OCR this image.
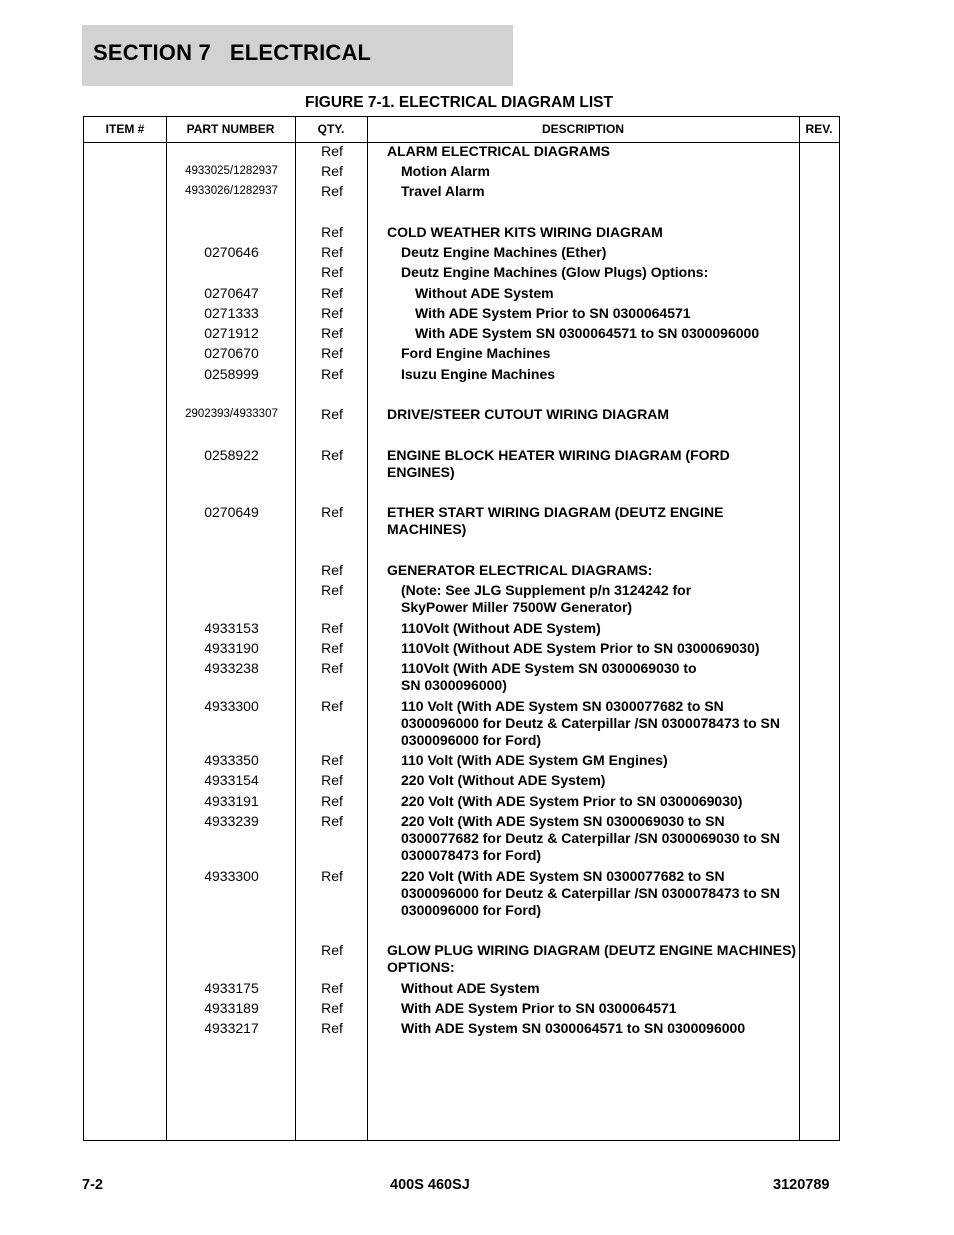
SECTION 7   ELECTRICAL
FIGURE 7-1. ELECTRICAL DIAGRAM LIST
ITEM #	PART NUMBER	QTY.	DESCRIPTION	REV.
Ref	ALARM ELECTRICAL DIAGRAMS
4933025/1282937	Ref	Motion Alarm
4933026/1282937	Ref	Travel Alarm
Ref	COLD WEATHER KITS WIRING DIAGRAM
0270646	Ref	Deutz Engine Machines (Ether)
Ref	Deutz Engine Machines (Glow Plugs) Options:
0270647	Ref	Without ADE System
0271333	Ref	With ADE System Prior to SN 0300064571
0271912	Ref	With ADE System SN 0300064571 to SN 0300096000
0270670	Ref	Ford Engine Machines
0258999	Ref	Isuzu Engine Machines
2902393/4933307	Ref	DRIVE/STEER CUTOUT WIRING DIAGRAM
0258922	Ref	ENGINE BLOCK HEATER WIRING DIAGRAM (FORD ENGINES)
0270649	Ref	ETHER START WIRING DIAGRAM (DEUTZ ENGINE MACHINES)
Ref	GENERATOR ELECTRICAL DIAGRAMS:
Ref	(Note: See JLG Supplement p/n 3124242 for SkyPower Miller 7500W Generator)
4933153	Ref	110Volt (Without ADE System)
4933190	Ref	110Volt (Without ADE System Prior to SN 0300069030)
4933238	Ref	110Volt (With ADE System SN 0300069030 to SN 0300096000)
4933300	Ref	110 Volt (With ADE System SN 0300077682 to SN 0300096000 for Deutz & Caterpillar /SN 0300078473 to SN 0300096000 for Ford)
4933350	Ref	110 Volt (With ADE System GM Engines)
4933154	Ref	220 Volt (Without ADE System)
4933191	Ref	220 Volt (With ADE System Prior to SN 0300069030)
4933239	Ref	220 Volt (With ADE System SN 0300069030 to SN 0300077682 for Deutz & Caterpillar /SN 0300069030 to SN 0300078473 for Ford)
4933300	Ref	220 Volt (With ADE System SN 0300077682 to SN 0300096000 for Deutz & Caterpillar /SN 0300078473 to SN 0300096000 for Ford)
Ref	GLOW PLUG WIRING DIAGRAM (DEUTZ ENGINE MACHINES) OPTIONS:
4933175	Ref	Without ADE System
4933189	Ref	With ADE System Prior to SN 0300064571
4933217	Ref	With ADE System SN 0300064571 to SN 0300096000
7-2	400S 460SJ	3120789
